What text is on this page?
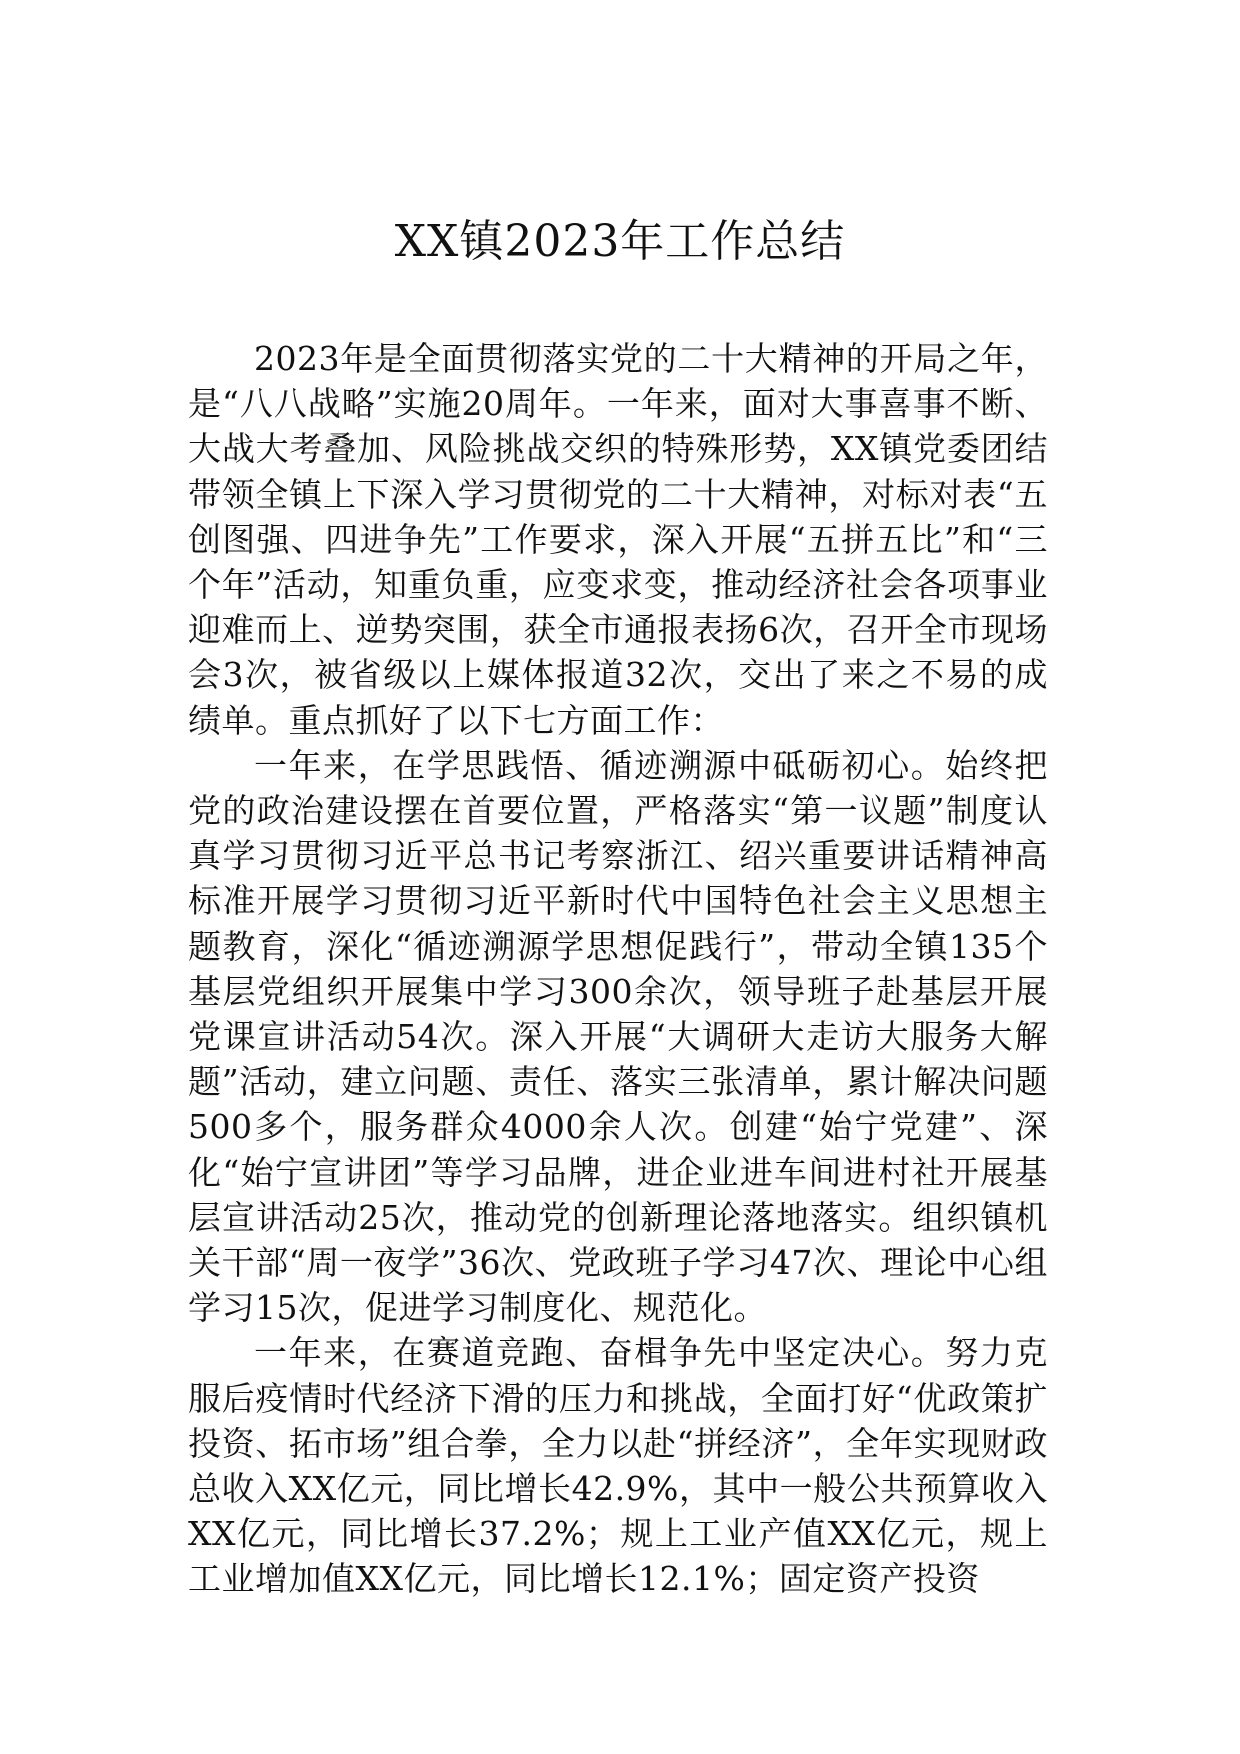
XX镇2023年工作总结

2023年是全面贯彻落实党的二十大精神的开局之年，是“八八战略”实施20周年。一年来，面对大事喜事不断、大战大考叠加、风险挑战交织的特殊形势，XX镇党委团结带领全镇上下深入学习贯彻党的二十大精神，对标对表“五创图强、四进争先”工作要求，深入开展“五拼五比”和“三个年”活动，知重负重，应变求变，推动经济社会各项事业迎难而上、逆势突围，获全市通报表扬6次，召开全市现场会3次，被省级以上媒体报道32次，交出了来之不易的成绩单。重点抓好了以下七方面工作：

一年来，在学思践悟、循迹溯源中砥砺初心。始终把党的政治建设摆在首要位置，严格落实“第一议题”制度认真学习贯彻习近平总书记考察浙江、绍兴重要讲话精神高标准开展学习贯彻习近平新时代中国特色社会主义思想主题教育，深化“循迹溯源学思想促践行”，带动全镇135个基层党组织开展集中学习300余次，领导班子赴基层开展党课宣讲活动54次。深入开展“大调研大走访大服务大解题”活动，建立问题、责任、落实三张清单，累计解决问题500多个，服务群众4000余人次。创建“始宁党建”、深化“始宁宣讲团”等学习品牌，进企业进车间进村社开展基层宣讲活动25次，推动党的创新理论落地落实。组织镇机关干部“周一夜学”36次、党政班子学习47次、理论中心组学习15次，促进学习制度化、规范化。

一年来，在赛道竞跑、奋楫争先中坚定决心。努力克服后疫情时代经济下滑的压力和挑战，全面打好“优政策扩投资、拓市场”组合拳，全力以赴“拼经济”，全年实现财政总收入XX亿元，同比增长42.9%，其中一般公共预算收入XX亿元，同比增长37.2%；规上工业产值XX亿元，规上工业增加值XX亿元，同比增长12.1%；固定资产投资
